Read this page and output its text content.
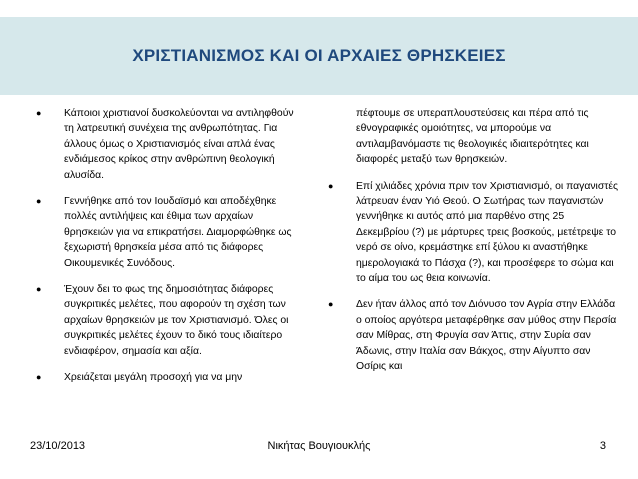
ΧΡΙΣΤΙΑΝΙΣΜΟΣ ΚΑΙ ΟΙ ΑΡΧΑΙΕΣ ΘΡΗΣΚΕΙΕΣ
●	Κάποιοι χριστιανοί δυσκολεύονται να αντιληφθούν τη λατρευτική συνέχεια της ανθρωπότητας. Για άλλους όμως ο Χριστιανισμός είναι απλά ένας ενδιάμεσος κρίκος στην ανθρώπινη θεολογική αλυσίδα.
●	Γεννήθηκε από τον Ιουδαϊσμό και αποδέχθηκε πολλές αντιλήψεις και έθιμα των αρχαίων θρησκειών για να επικρατήσει. Διαμορφώθηκε ως ξεχωριστή θρησκεία μέσα από τις διάφορες Οικουμενικές Συνόδους.
●	Έχουν δει το φως της δημοσιότητας διάφορες συγκριτικές μελέτες, που αφορούν τη σχέση των αρχαίων θρησκειών με τον Χριστιανισμό. Όλες οι συγκριτικές μελέτες έχουν το δικό τους ιδιαίτερο ενδιαφέρον, σημασία και αξία.
●	Χρειάζεται μεγάλη προσοχή για να μην
πέφτουμε σε υπεραπλουστεύσεις και πέρα από τις εθνογραφικές ομοιότητες, να μπορούμε να αντιλαμβανόμαστε τις θεολογικές ιδιαιτερότητες και διαφορές μεταξύ των θρησκειών.
●	Επί χιλιάδες χρόνια πριν τον Χριστιανισμό, οι παγανιστές λάτρευαν έναν Υιό Θεού. Ο Σωτήρας των παγανιστών γεννήθηκε κι αυτός από μια παρθένο στης 25 Δεκεμβρίου (?) με μάρτυρες τρεις βοσκούς, μετέτρεψε το νερό σε οίνο, κρεμάστηκε επί ξύλου κι αναστήθηκε ημερολογιακά το Πάσχα (?), και προσέφερε το σώμα και το αίμα του ως θεια κοινωνία.
●	Δεν ήταν άλλος από τον Διόνυσο τον Αγρία στην Ελλάδα ο οποίος αργότερα μεταφέρθηκε σαν μύθος στην Περσία σαν Μίθρας, στη Φρυγία σαν Άττις, στην Συρία σαν Άδωνις, στην Ιταλία σαν Βάκχος, στην Αίγυπτο σαν Οσίρις και
23/10/2013	Νικήτας Βουγιουκλής	3
